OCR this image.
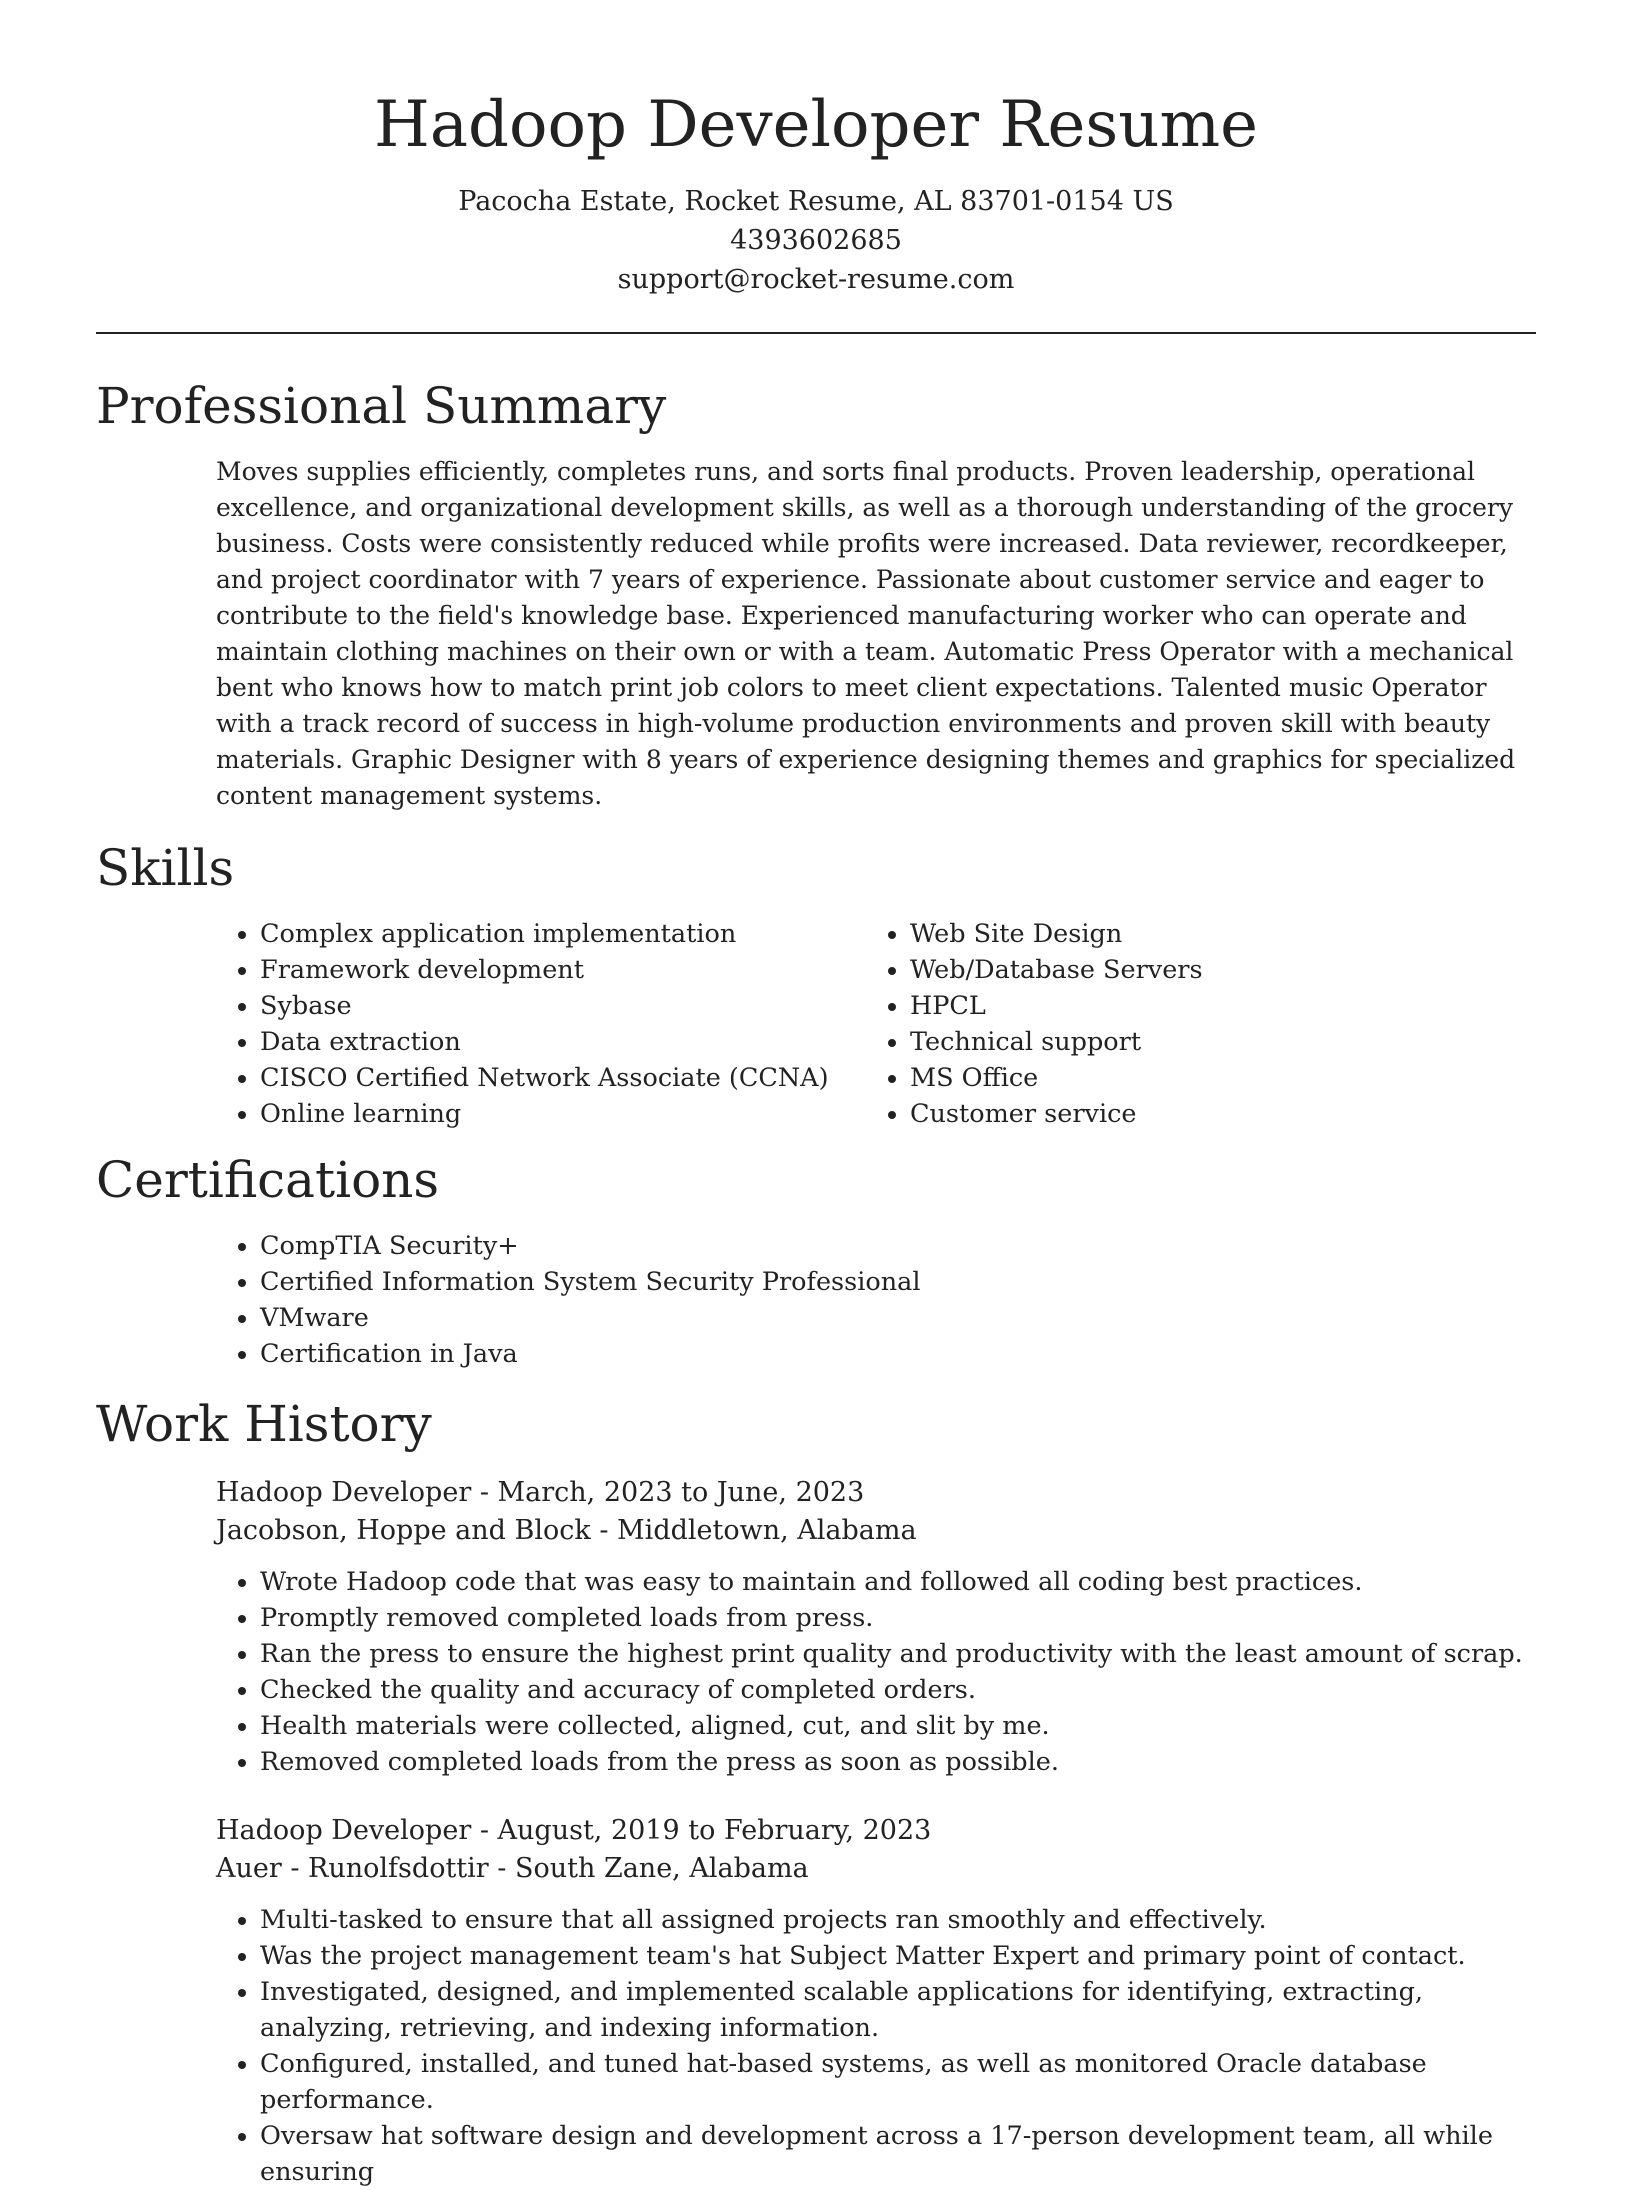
Hadoop Developer Resume

Pacocha Estate, Rocket Resume, AL 83701-0154 US

4393602685

support@rocket-resume.com

Professional Summary

Moves supplies efficiently, completes runs, and sorts final products. Proven leadership, operational excellence, and organizational development skills, as well as a thorough understanding of the grocery business. Costs were consistently reduced while profits were increased. Data reviewer, recordkeeper, and project coordinator with 7 years of experience. Passionate about customer service and eager to contribute to the field's knowledge base. Experienced manufacturing worker who can operate and maintain clothing machines on their own or with a team. Automatic Press Operator with a mechanical bent who knows how to match print job colors to meet client expectations. Talented music Operator with a track record of success in high-volume production environments and proven skill with beauty materials. Graphic Designer with 8 years of experience designing themes and graphics for specialized content management systems.

Skills
• Complex application implementation
• Framework development
• Sybase
• Data extraction
• CISCO Certified Network Associate (CCNA)
• Online learning
• Web Site Design
• Web/Database Servers
• HPCL
• Technical support
• MS Office
• Customer service
Certifications
• CompTIA Security+
• Certified Information System Security Professional
• VMware
• Certification in Java
Work History

Hadoop Developer - March, 2023 to June, 2023

Jacobson, Hoppe and Block - Middletown, Alabama

• Wrote Hadoop code that was easy to maintain and followed all coding best practices.
• Promptly removed completed loads from press.
• Ran the press to ensure the highest print quality and productivity with the least amount of scrap.
• Checked the quality and accuracy of completed orders.
• Health materials were collected, aligned, cut, and slit by me.
• Removed completed loads from the press as soon as possible.

Hadoop Developer - August, 2019 to February, 2023

Auer - Runolfsdottir - South Zane, Alabama

• Multi-tasked to ensure that all assigned projects ran smoothly and effectively.
• Was the project management team's hat Subject Matter Expert and primary point of contact.
• Investigated, designed, and implemented scalable applications for identifying, extracting, analyzing, retrieving, and indexing information.
• Configured, installed, and tuned hat-based systems, as well as monitored Oracle database performance.
• Oversaw hat software design and development across a 17-person development team, all while ensuring
